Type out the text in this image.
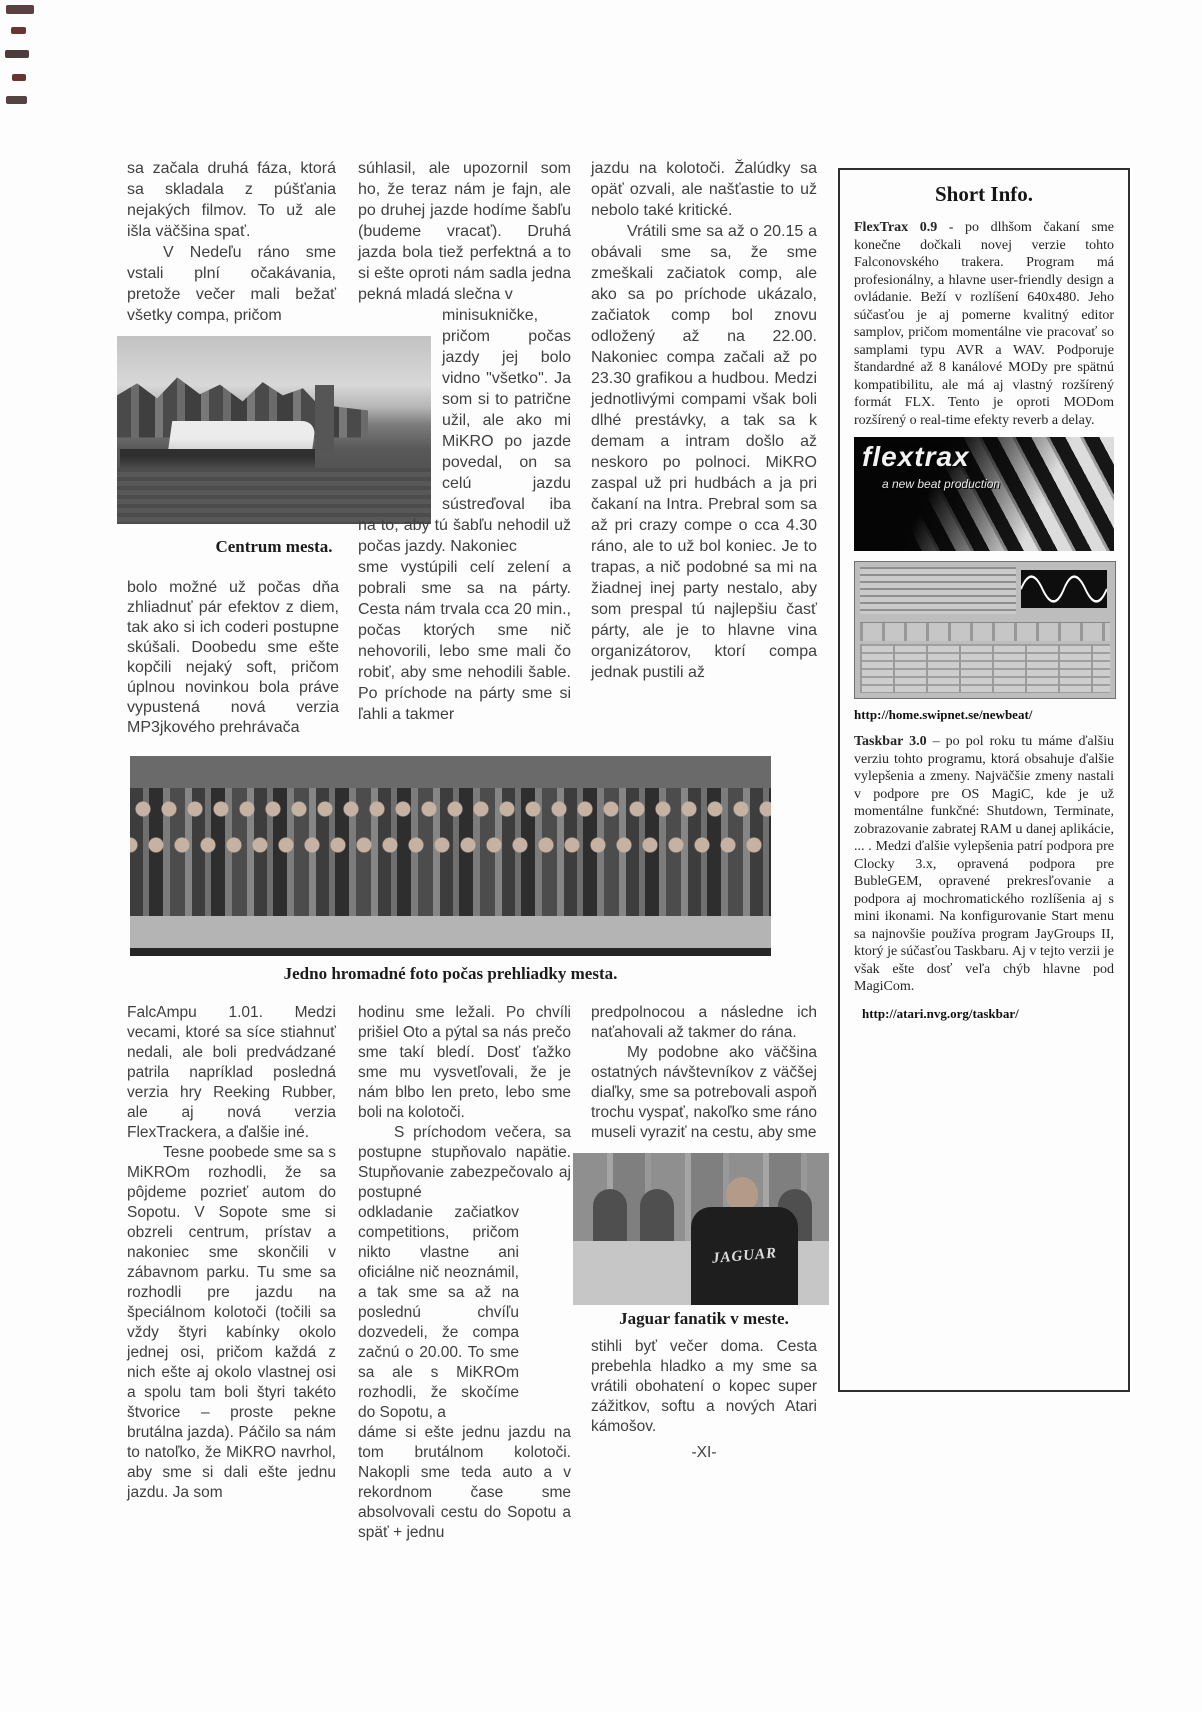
sa začala druhá fáza, ktorá sa skladala z púšťania nejakých filmov. To už ale išla väčšina spať.

V Nedeľu ráno sme vstali plní očakávania, pretože večer mali bežať všetky compa, pričom

Centrum mesta.

bolo možné už počas dňa zhliadnuť pár efektov z diem, tak ako si ich coderi postupne skúšali. Doobedu sme ešte kopčili nejaký soft, pričom úplnou novinkou bola práve vypustená nová verzia MP3jkového prehrávača

súhlasil, ale upozornil som ho, že teraz nám je fajn, ale po druhej jazde hodíme šabľu (budeme vracať). Druhá jazda bola tiež perfektná a to si ešte oproti nám sadla jedna pekná mladá slečna v

minisukničke, pričom počas jazdy jej bolo vidno "všetko". Ja som si to patrične užil, ale ako mi MiKRO po jazde povedal, on sa celú jazdu sústreďoval iba na to, aby tú šabľu nehodil už počas jazdy. Nakoniec

sme vystúpili celí zelení a pobrali sme sa na párty. Cesta nám trvala cca 20 min., počas ktorých sme nič nehovorili, lebo sme mali čo robiť, aby sme nehodili šable. Po príchode na párty sme si ľahli a takmer

jazdu na kolotoči. Žalúdky sa opäť ozvali, ale našťastie to už nebolo také kritické.

Vrátili sme sa až o 20.15 a obávali sme sa, že sme zmeškali začiatok comp, ale ako sa po príchode ukázalo, začiatok comp bol znovu odložený až na 22.00. Nakoniec compa začali až po 23.30 grafikou a hudbou. Medzi jednotlivými compami však boli dlhé prestávky, a tak sa k demam a intram došlo až neskoro po polnoci. MiKRO zaspal už pri hudbách a ja pri čakaní na Intra. Prebral som sa až pri crazy compe o cca 4.30 ráno, ale to už bol koniec. Je to trapas, a nič podobné sa mi na žiadnej inej party nestalo, aby som prespal tú najlepšiu časť párty, ale je to hlavne vina organizátorov, ktorí compa jednak pustili až

Jedno hromadné foto počas prehliadky mesta.

FalcAmpu 1.01. Medzi vecami, ktoré sa síce stiahnuť nedali, ale boli predvádzané patrila napríklad posledná verzia hry Reeking Rubber, ale aj nová verzia FlexTrackera, a ďalšie iné.

Tesne poobede sme sa s MiKROm rozhodli, že sa pôjdeme pozrieť autom do Sopotu. V Sopote sme si obzreli centrum, prístav a nakoniec sme skončili v zábavnom parku. Tu sme sa rozhodli pre jazdu na špeciálnom kolotoči (točili sa vždy štyri kabínky okolo jednej osi, pričom každá z nich ešte aj okolo vlastnej osi a spolu tam boli štyri takéto štvorice – proste pekne brutálna jazda). Páčilo sa nám to natoľko, že MiKRO navrhol, aby sme si dali ešte jednu jazdu. Ja som

hodinu sme ležali. Po chvíli prišiel Oto a pýtal sa nás prečo sme takí bledí. Dosť ťažko sme mu vysvetľovali, že je nám blbo len preto, lebo sme boli na kolotoči.

S príchodom večera, sa postupne stupňovalo napätie. Stupňovanie zabezpečovalo aj postupné

odkladanie začiatkov competitions, pričom nikto vlastne ani oficiálne nič neoznámil, a tak sme sa až na poslednú chvíľu dozvedeli, že compa začnú o 20.00. To sme sa ale s MiKROm rozhodli, že skočíme do Sopotu, a

dáme si ešte jednu jazdu na tom brutálnom kolotoči. Nakopli sme teda auto a v rekordnom čase sme absolvovali cestu do Sopotu a späť + jednu

predpolnocou a následne ich naťahovali až takmer do rána.

My podobne ako väčšina ostatných návštevníkov z väčšej diaľky, sme sa potrebovali aspoň trochu vyspať, nakoľko sme ráno museli vyraziť na cestu, aby sme

JAGUAR
Jaguar fanatik v meste.

stihli byť večer doma. Cesta prebehla hladko a my sme sa vrátili obohatení o kopec super zážitkov, softu a nových Atari kámošov.

-XI-

Short Info.

FlexTrax 0.9 - po dlhšom čakaní sme konečne dočkali novej verzie tohto Falconovského trakera. Program má profesionálny, a hlavne user-friendly design a ovládanie. Beží v rozlíšení 640x480. Jeho súčasťou je aj pomerne kvalitný editor samplov, pričom momentálne vie pracovať so samplami typu AVR a WAV. Podporuje štandardné až 8 kanálové MODy pre spätnú kompatibilitu, ale má aj vlastný rozšírený formát FLX. Tento je oproti MODom rozšírený o real-time efekty reverb a delay.

flextrax
a new beat production
http://home.swipnet.se/newbeat/

Taskbar 3.0 – po pol roku tu máme ďalšiu verziu tohto programu, ktorá obsahuje ďalšie vylepšenia a zmeny. Najväčšie zmeny nastali v podpore pre OS MagiC, kde je už momentálne funkčné: Shutdown, Terminate, zobrazovanie zabratej RAM u danej aplikácie, ... . Medzi ďalšie vylepšenia patrí podpora pre Clocky 3.x, opravená podpora pre BubleGEM, opravené prekresľovanie a podpora aj mochromatického rozlíšenia aj s mini ikonami. Na konfigurovanie Start menu sa najnovšie používa program JayGroups II, ktorý je súčasťou Taskbaru. Aj v tejto verzii je však ešte dosť veľa chýb hlavne pod MagiCom.

http://atari.nvg.org/taskbar/
